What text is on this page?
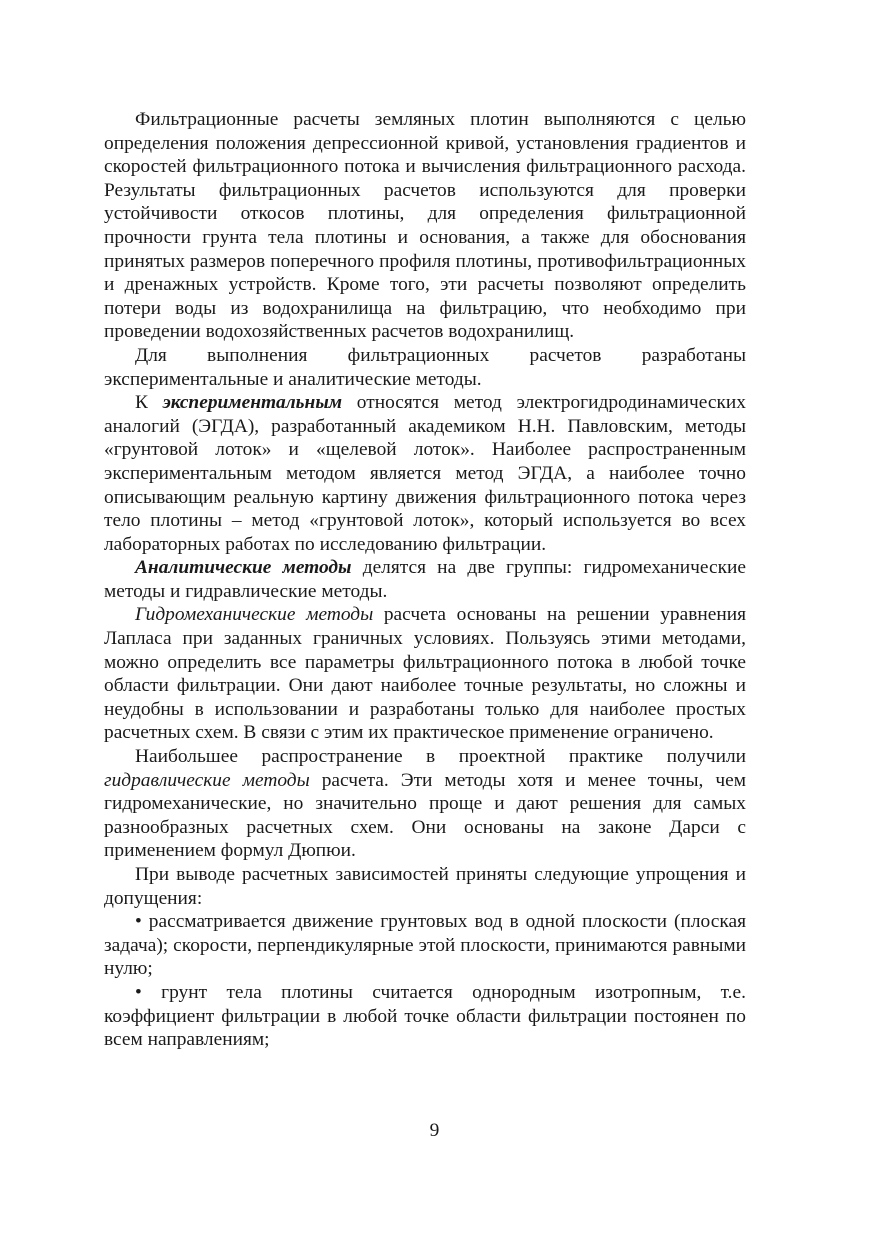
Фильтрационные расчеты земляных плотин выполняются с целью определения положения депрессионной кривой, установления градиентов и скоростей фильтрационного потока и вычисления фильтрационного расхода. Результаты фильтрационных расчетов используются для проверки устойчивости откосов плотины, для определения фильтрационной прочности грунта тела плотины и основания, а также для обоснования принятых размеров поперечного профиля плотины, противофильтрационных и дренажных устройств. Кроме того, эти расчеты позволяют определить потери воды из водохранилища на фильтрацию, что необходимо при проведении водохозяйственных расчетов водохранилищ.

Для выполнения фильтрационных расчетов разработаны экспериментальные и аналитические методы.

К экспериментальным относятся метод электрогидродинамических аналогий (ЭГДА), разработанный академиком Н.Н. Павловским, методы «грунтовой лоток» и «щелевой лоток». Наиболее распространенным экспериментальным методом является метод ЭГДА, а наиболее точно описывающим реальную картину движения фильтрационного потока через тело плотины – метод «грунтовой лоток», который используется во всех лабораторных работах по исследованию фильтрации.

Аналитические методы делятся на две группы: гидромеханические методы и гидравлические методы.

Гидромеханические методы расчета основаны на решении уравнения Лапласа при заданных граничных условиях. Пользуясь этими методами, можно определить все параметры фильтрационного потока в любой точке области фильтрации. Они дают наиболее точные результаты, но сложны и неудобны в использовании и разработаны только для наиболее простых расчетных схем. В связи с этим их практическое применение ограничено.

Наибольшее распространение в проектной практике получили гидравлические методы расчета. Эти методы хотя и менее точны, чем гидромеханические, но значительно проще и дают решения для самых разнообразных расчетных схем. Они основаны на законе Дарси с применением формул Дюпюи.

При выводе расчетных зависимостей приняты следующие упрощения и допущения:

• рассматривается движение грунтовых вод в одной плоскости (плоская задача); скорости, перпендикулярные этой плоскости, принимаются равными нулю;

• грунт тела плотины считается однородным изотропным, т.е. коэффициент фильтрации в любой точке области фильтрации постоянен по всем направлениям;

9
